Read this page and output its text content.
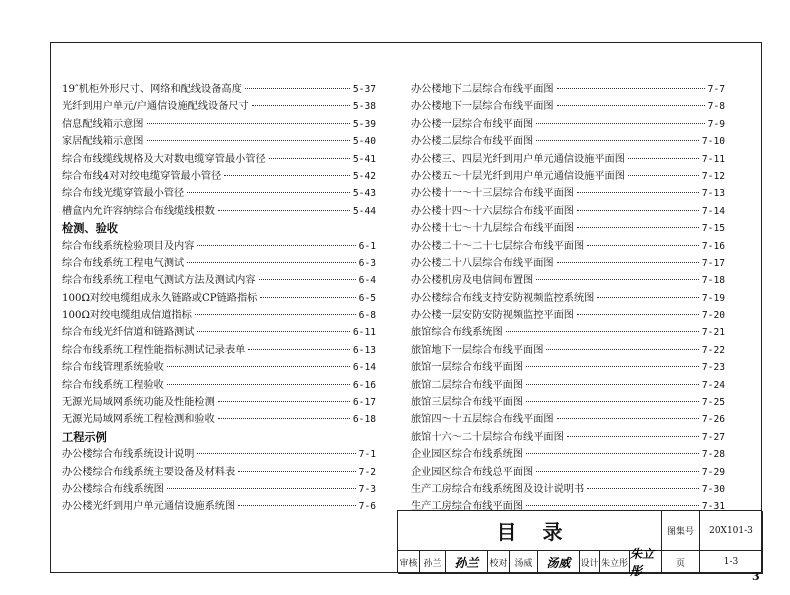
19″机柜外形尺寸、网络和配线设备高度	5-37
光纤到用户单元/户通信设施配线设备尺寸	5-38
信息配线箱示意图	5-39
家居配线箱示意图	5-40
综合布线缆线规格及大对数电缆穿管最小管径	5-41
综合布线4对对绞电缆穿管最小管径	5-42
综合布线光缆穿管最小管径	5-43
槽盒内允许容纳综合布线缆线根数	5-44
检测、验收
综合布线系统检验项目及内容	6-1
综合布线系统工程电气测试	6-3
综合布线系统工程电气测试方法及测试内容	6-4
100Ω对绞电缆组成永久链路或CP链路指标	6-5
100Ω对绞电缆组成信道指标	6-8
综合布线光纤信道和链路测试	6-11
综合布线系统工程性能指标测试记录表单	6-13
综合布线管理系统验收	6-14
综合布线系统工程验收	6-16
无源光局域网系统功能及性能检测	6-17
无源光局域网系统工程检测和验收	6-18
工程示例
办公楼综合布线系统设计说明	7-1
办公楼综合布线系统主要设备及材料表	7-2
办公楼综合布线系统图	7-3
办公楼光纤到用户单元通信设施系统图	7-6
办公楼地下二层综合布线平面图	7-7
办公楼地下一层综合布线平面图	7-8
办公楼一层综合布线平面图	7-9
办公楼二层综合布线平面图	7-10
办公楼三、四层光纤到用户单元通信设施平面图	7-11
办公楼五～十层光纤到用户单元通信设施平面图	7-12
办公楼十一～十三层综合布线平面图	7-13
办公楼十四～十六层综合布线平面图	7-14
办公楼十七～十九层综合布线平面图	7-15
办公楼二十～二十七层综合布线平面图	7-16
办公楼二十八层综合布线平面图	7-17
办公楼机房及电信间布置图	7-18
办公楼综合布线支持安防视频监控系统图	7-19
办公楼一层安防安防视频监控平面图	7-20
旅馆综合布线系统图	7-21
旅馆地下一层综合布线平面图	7-22
旅馆一层综合布线平面图	7-23
旅馆二层综合布线平面图	7-24
旅馆三层综合布线平面图	7-25
旅馆四～十五层综合布线平面图	7-26
旅馆十六～二十层综合布线平面图	7-27
企业园区综合布线系统图	7-28
企业园区综合布线总平面图	7-29
生产工房综合布线系统图及设计说明书	7-30
生产工房综合布线平面图	7-31
目录	图集号	20X101-3
审核 孙兰	孙兰	校对 汤威	汤威	设计 朱立彤
朱立彤
页	1-3
3
